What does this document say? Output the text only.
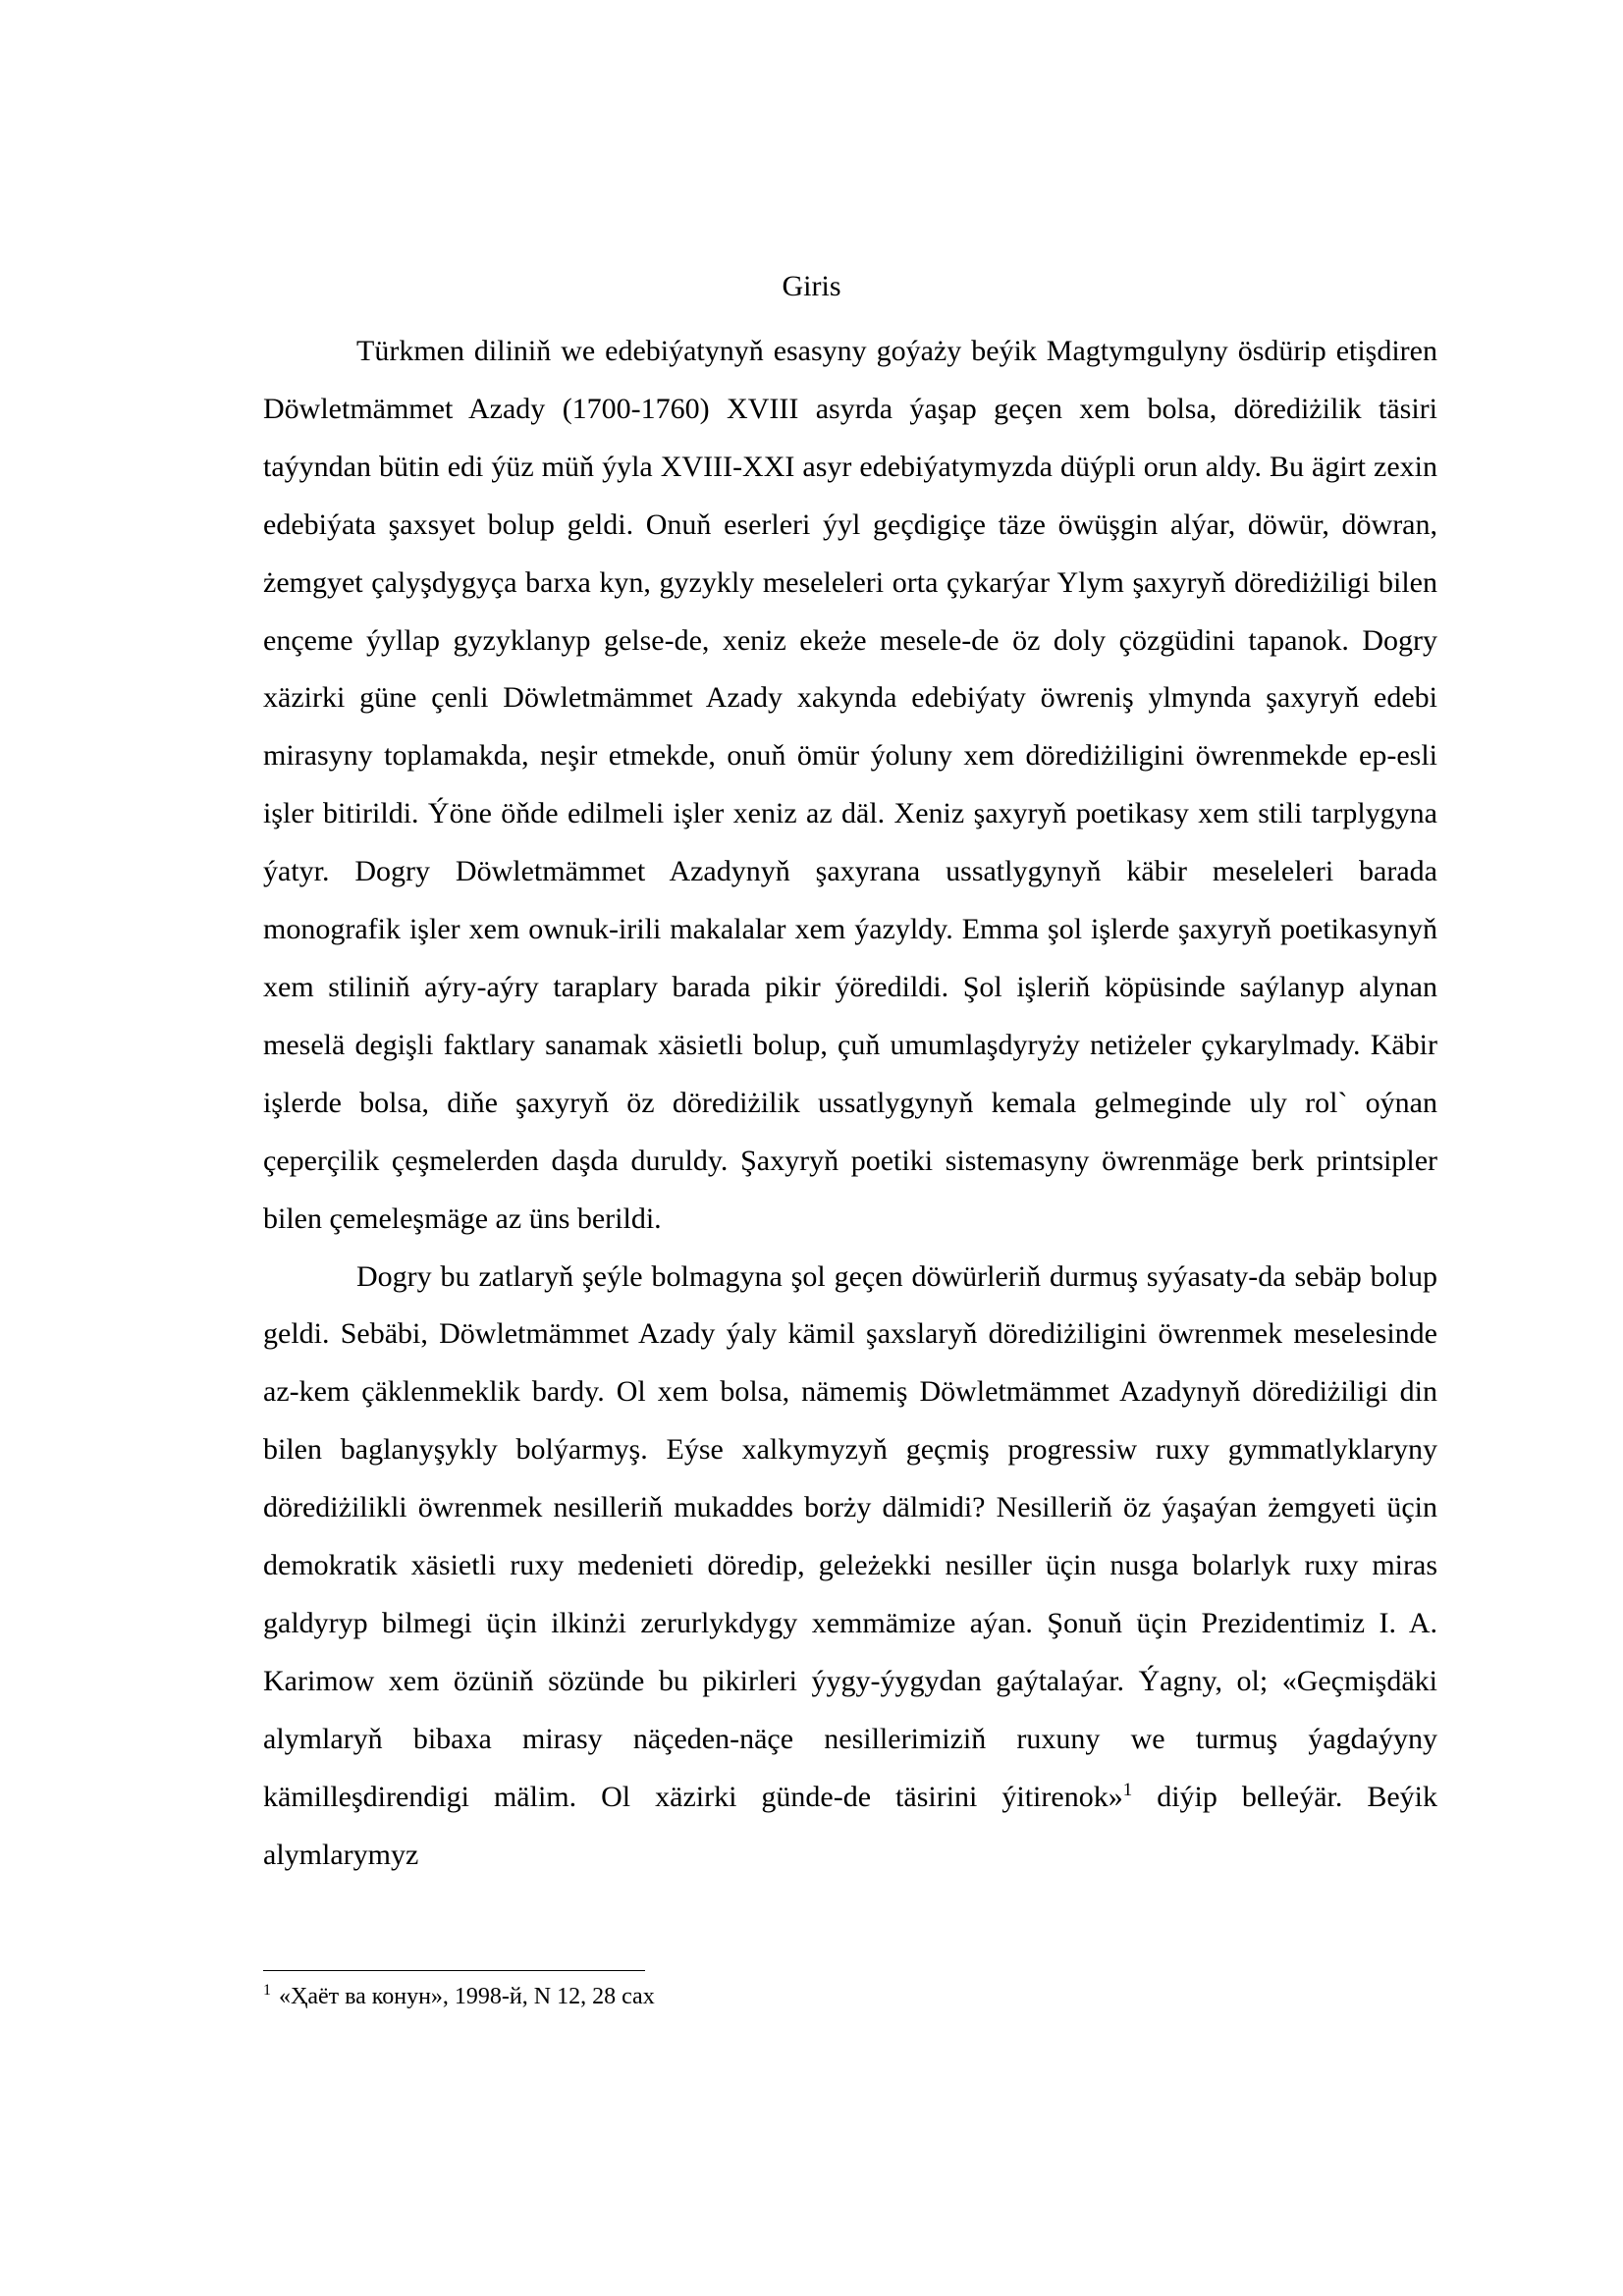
Giris

Türkmen diliniň we edebiýatynyň esasyny goýaży beýik Magtymgulyny ösdürip etişdiren Döwletmämmet Azady (1700-1760) XVIII asyrda ýaşap geçen xem bolsa, dörediżilik täsiri taýyndan bütin edi ýüz müň ýyla XVIII-XXI asyr edebiýatymyzda düýpli orun aldy. Bu ägirt zexin edebiýata şaxsyet bolup geldi. Onuň eserleri ýyl geçdigiçe täze öwüşgin alýar, döwür, döwran, żemgyet çalyşdygyça barxa kyn, gyzykly meseleleri orta çykarýar Ylym şaxyryň dörediżiligi bilen ençeme ýyllap gyzyklanyp gelse-de, xeniz ekeże mesele-de öz doly çözgüdini tapanok. Dogry xäzirki güne çenli Döwletmämmet Azady xakynda edebiýaty öwreniş ylmynda şaxyryň edebi mirasyny toplamakda, neşir etmekde, onuň ömür ýoluny xem dörediżiligini öwrenmekde ep-esli işler bitirildi. Ýöne öňde edilmeli işler xeniz az däl. Xeniz şaxyryň poetikasy xem stili tarplygyna ýatyr. Dogry Döwletmämmet Azadynyň şaxyrana ussatlygynyň käbir meseleleri barada monografik işler xem ownuk-irili makalalar xem ýazyldy. Emma şol işlerde şaxyryň poetikasynyň xem stiliniň aýry-aýry taraplary barada pikir ýöredildi. Şol işleriň köpüsinde saýlanyp alynan meselä degişli faktlary sanamak xäsietli bolup, çuň umumlaşdyryży netiżeler çykarylmady. Käbir işlerde bolsa, diňe şaxyryň öz dörediżilik ussatlygynyň kemala gelmeginde uly rol` oýnan çeperçilik çeşmelerden daşda duruldy. Şaxyryň poetiki sistemasyny öwrenmäge berk printsipler bilen çemeleşmäge az üns berildi.

Dogry bu zatlaryň şeýle bolmagyna şol geçen döwürleriň durmuş syýasaty-da sebäp bolup geldi. Sebäbi, Döwletmämmet Azady ýaly kämil şaxslaryň dörediżiligini öwrenmek meselesinde az-kem çäklenmeklik bardy. Ol xem bolsa, nämemiş Döwletmämmet Azadynyň dörediżiligi din bilen baglanyşykly bolýarmyş. Eýse xalkymyzyň geçmiş progressiw ruxy gymmatlyklaryny dörediżilikli öwrenmek nesilleriň mukaddes borży dälmidi? Nesilleriň öz ýaşaýan żemgyeti üçin demokratik xäsietli ruxy medenieti döredip, geleżekki nesiller üçin nusga bolarlyk ruxy miras galdyryp bilmegi üçin ilkinżi zerurlykdygy xemmämize aýan. Şonuň üçin Prezidentimiz I. A. Karimow xem özüniň sözünde bu pikirleri ýygy-ýygydan gaýtalaýar. Ýagny, ol; «Geçmişdäki alymlaryň bibaxa mirasy näçeden-näçe nesillerimiziň ruxuny we turmuş ýagdaýyny kämilleşdirendigi mälim. Ol xäzirki günde-de täsirini ýitirenok»$^1$ diýip belleýär. Beýik alymlarymyz

$^1$ «Ҳаёт ва конун», 1998-й, N 12, 28 сах
